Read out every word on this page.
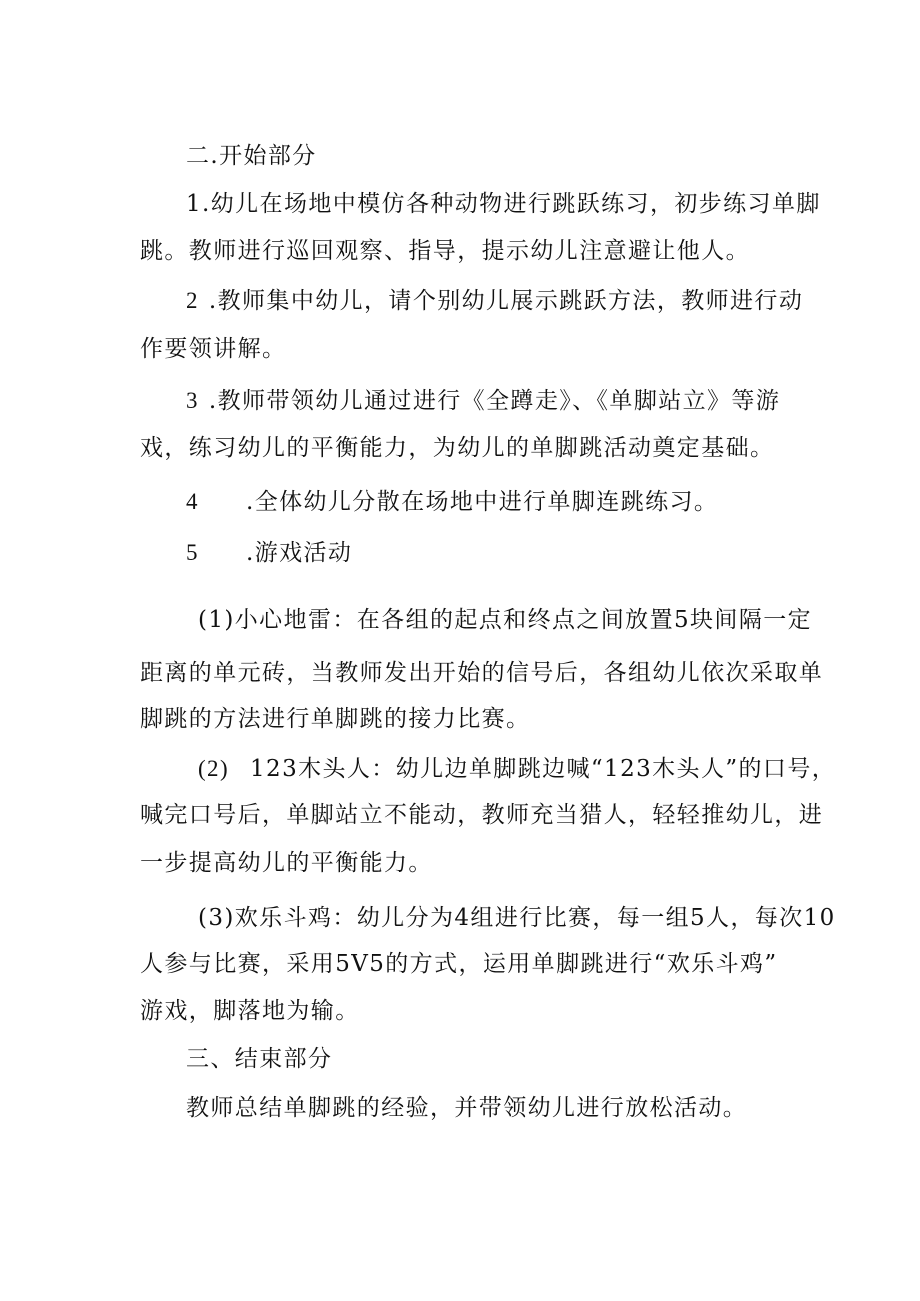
二.开始部分
1.幼儿在场地中模仿各种动物进行跳跃练习，初步练习单脚
跳。教师进行巡回观察、指导，提示幼儿注意避让他人。
2 .教师集中幼儿，请个别幼儿展示跳跃方法，教师进行动
作要领讲解。
3 .教师带领幼儿通过进行《全蹲走》、《单脚站立》等游
戏，练习幼儿的平衡能力，为幼儿的单脚跳活动奠定基础。
4 .全体幼儿分散在场地中进行单脚连跳练习。
5 .游戏活动
(1)小心地雷：在各组的起点和终点之间放置5块间隔一定
距离的单元砖，当教师发出开始的信号后，各组幼儿依次采取单
脚跳的方法进行单脚跳的接力比赛。
(2) 123木头人：幼儿边单脚跳边喊“123木头人”的口号，
喊完口号后，单脚站立不能动，教师充当猎人，轻轻推幼儿，进
一步提高幼儿的平衡能力。
(3)欢乐斗鸡：幼儿分为4组进行比赛，每一组5人，每次10
人参与比赛，采用5V5的方式，运用单脚跳进行“欢乐斗鸡”
游戏，脚落地为输。
三、结束部分
教师总结单脚跳的经验，并带领幼儿进行放松活动。
